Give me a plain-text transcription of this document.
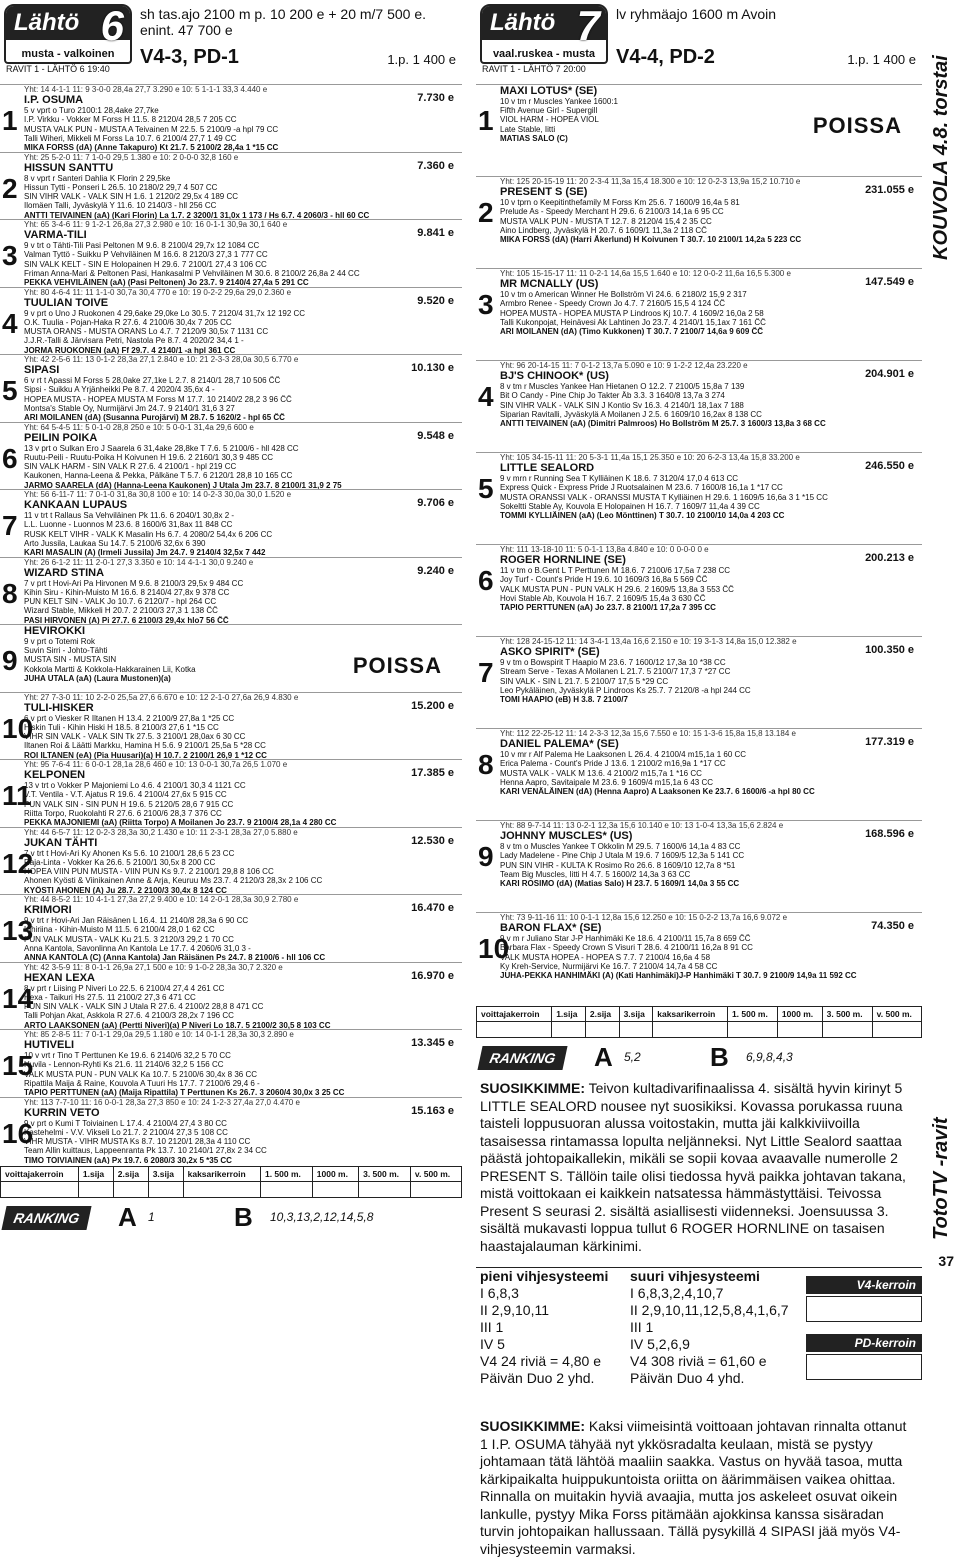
Lähtö 6
musta - valkoinen
RAVIT 1 - LÄHTÖ 6 19:40
sh tas.ajo 2100 m p. 10 200 e + 20 m/7 500 e.
enint. 47 700 e
V4-3, PD-1	1.p. 1 400 e
1
Yht: 14 4-1-1 11: 9 3-0-0 28,4a 27,7 3.290 e 10: 5 1-1-1 33,3 4.440 e
I.P. OSUMA	7.730 e
5 v vprt o Turo 2100:1 28,4ake 27,7ke
I.P. Virkku - Vokker M Forss H 11.5. 8 2120/4 28,5 7 205 CC
MUSTA VALK PUN - MUSTA A Teivainen M 22.5. 5 2100/9 -a hpl 79 CC
Talli Wiheri, Mikkeli M Forss La 10.7. 6 2100/4 27,7 1 49 CC
MIKA FORSS (dA) (Anne Takapuro) Kt 21.7. 5 2100/2 28,4a 1 *15 CC
2
Yht: 25 5-2-0 11: 7 1-0-0 29,5 1.380 e 10: 2 0-0-0 32,8 160 e
HISSUN SANTTU	7.360 e
8 v vprt r Santeri Dahlia K Florin 2 29,5ke
Hissun Tytti - Ponseri L 26.5. 10 2180/2 29,7 4 507 CC
SIN VIHR VALK - VALK SIN H 1.6. 1 2120/2 29,5x 4 189 CC
Ilomäen Talli, Jyväskylä Y 11.6. 10 2140/3 - hll 256 CC
ANTTI TEIVAINEN (aA) (Kari Florin) La 1.7. 2 3200/1 31,0x 1 173 / Hs 6.7. 4 2060/3 - hll 60 CC
3
Yht: 65 3-4-6 11: 9 1-2-1 26,8a 27,3 2.980 e 10: 16 0-1-1 30,9a 30,1 640 e
VARMA-TILI	9.841 e
9 v trt o Tähti-Tili Pasi Peltonen M 9.6. 8 2100/4 29,7x 12 1084 CC
Valman Tyttö - Suikku P Vehviläinen M 16.6. 8 2120/3 27,3 1 777 CC
SIN VALK KELT - SIN E Holopainen H 29.6. 7 2100/1 27,4 3 106 CC
Friman Anna-Mari & Peltonen Pasi, Hankasalmi P Vehviläinen M 30.6. 8 2100/2 26,8a 2 44 CC
PEKKA VEHVILÄINEN (aA) (Pasi Peltonen) Jo 23.7. 9 2140/4 27,4a 5 291 CC
4
Yht: 80 4-6-4 11: 11 1-1-0 30,7a 30,4 770 e 10: 19 0-2-2 29,6a 29,0 2.360 e
TUULIAN TOIVE	9.520 e
9 v prt o Uno J Ruokonen 4 29,6ake 29,0ke Lo 30.5. 7 2120/4 31,7x 12 192 CC
O.K. Tuulia - Pojan-Haka R 27.6. 4 2100/6 30,4x 7 205 CC
MUSTA ORANS - MUSTA ORANS Lo 4.7. 7 2120/9 30,5x 7 1131 CC
J.J.R.-Talli & Järvisara Petri, Nastola Pe 8.7. 4 2020/2 34,4 1 -
JORMA RUOKONEN (aA) Ff 29.7. 4 2140/1 -a hpl 361 CC
5
Yht: 42 2-5-6 11: 13 0-1-2 28,3a 27,1 2.840 e 10: 21 2-3-3 28,0a 30,5 6.770 e
SIPASI	10.130 e
6 v rt t Apassi M Forss 5 28,0ake 27,1ke L 2.7. 8 2140/1 28,7 10 506 ĈĈ
Sipsi - Suikku A Yrjänheikki Pe 8.7. 4 2020/4 35,6x 4 -
HOPEA MUSTA - HOPEA MUSTA M Forss M 17.7. 10 2140/2 28,2 3 96 ĈĈ
Montsa's Stable Oy, Nurmijärvi Jm 24.7. 9 2140/1 31,6 3 27
ARI MOILANEN (dA) (Susanna Purojärvi) M 28.7. 5 1620/2 - hpl 65 ĈĈ
6
Yht: 64 5-4-5 11: 5 0-1-0 28,8 250 e 10: 5 0-0-1 31,4a 29,6 600 e
PEILIN POIKA	9.548 e
13 v prt o Sulkan Ero J Saarela 6 31,4ake 28,8ke T 7.6. 5 2100/6 - hll 428 CC
Ruutu-Peili - Ruutu-Poika H Koivunen H 19.6. 2 2160/1 30,3 9 485 CC
SIN VALK HARM - SIN VALK R 27.6. 4 2100/1 - hpl 219 CC
Kaukonen, Hanna-Leena & Pekka, Pälkäne T 5.7. 6 2120/1 28,8 10 165 CC
JARMO SAARELA (dA) (Hanna-Leena Kaukonen) J Utala Jm 23.7. 8 2100/1 31,9 2 75
7
Yht: 56 6-11-7 11: 7 0-1-0 31,8a 30,8 100 e 10: 14 0-2-3 30,0a 30,0 1.520 e
KANKAAN LUPAUS	9.706 e
11 v trt t Rallaus Sa Vehviläinen Pk 11.6. 6 2040/1 30,8x 2 -
L.L. Luonne - Luonnos M 23.6. 8 1600/6 31,8ax 11 848 CC
RUSK KELT VIHR - VALK K Masalin Hs 6.7. 4 2080/2 54,4x 6 206 CC
Arto Jussila, Laukaa Su 14.7. 5 2100/6 32,6x 6 390
KARI MASALIN (A) (Irmeli Jussila) Jm 24.7. 9 2140/4 32,5x 7 442
8
Yht: 26 6-1-2 11: 11 2-0-1 27,3 3.350 e 10: 14 4-1-1 30,0 9.240 e
WIZARD STINA	9.240 e
7 v prt t Hovi-Ari Pa Hirvonen M 9.6. 8 2100/3 29,5x 9 484 CC
Kihin Siru - Kihin-Muisto M 16.6. 8 2140/4 27,8x 9 378 CC
PUN KELT SIN - VALK Jo 10.7. 6 2120/7 - hpl 264 CC
Wizard Stable, Mikkeli H 20.7. 2 2100/3 27,3 1 138 ĈĈ
PASI HIRVONEN (A) Pi 27.7. 6 2100/3 29,4x hlo7 56 ĈĈ
9
HEVIROKKI
9 v prt o Totemi Rok
Suvin Sirri - Johto-Tähti
MUSTA SIN - MUSTA SIN
Kokkola Martti & Kokkola-Hakkarainen Lii, Kotka
JUHA UTALA (aA) (Laura Mustonen)(a)
POISSA
10
Yht: 27 7-3-0 11: 10 2-2-0 25,5a 27,6 6.670 e 10: 12 2-1-0 27,6a 26,9 4.830 e
TULI-HISKER	15.200 e
6 v prt o Viesker R Iltanen H 13.4. 2 2100/9 27,8a 1 *25 CC
Hiskin Tuli - Kihin Hiski H 18.5. 8 2100/3 27,6 1 *15 CC
VIHR SIN VALK - VALK SIN Tk 27.5. 3 2100/1 28,0ax 6 30 CC
Iltanen Roi & Läätti Markku, Hamina H 5.6. 9 2100/1 25,5a 5 *28 CC
ROI ILTANEN (eA) (Pia Huusari)(a) H 10.7. 2 2100/1 26,9 1 *12 CC
11
Yht: 95 7-6-4 11: 6 0-0-1 28,1a 28,6 460 e 10: 13 0-0-1 30,7a 26,5 1.070 e
KELPONEN	17.385 e
13 v trt o Vokker P Majoniemi Lo 4.6. 4 2100/1 30,3 4 1121 CC
V.T. Ventila - V.T. Ajatus R 19.6. 4 2100/4 27,6x 5 915 CC
PUN VALK SIN - SIN PUN H 19.6. 5 2120/5 28,6 7 915 CC
Riitta Torpo, Ruokolahti R 27.6. 6 2100/6 28,3 7 376 CC
PEKKA MAJONIEMI (aA) (Riitta Torpo) A Moilanen Jo 23.7. 9 2100/4 28,1a 4 280 CC
12
Yht: 44 6-5-7 11: 12 0-2-3 28,3a 30,2 1.430 e 10: 11 2-3-1 28,3a 27,0 5.880 e
JUKAN TÄHTI	12.530 e
7 v trt t Hovi-Ari Ky Ahonen Ks 5.6. 10 2100/1 28,6 5 23 CC
Raja-Linta - Vokker Ka 26.6. 5 2100/1 30,5x 8 200 CC
HOPEA VIIN PUN MUSTA - VIIN PUN Ks 9.7. 2 2100/1 29,8 8 106 CC
Ahonen Kyösti & Viinikainen Anne & Arja, Keuruu Ms 23.7. 4 2120/3 28,3x 2 106 CC
KYÖSTI AHONEN (A) Ju 28.7. 2 2100/3 30,4x 8 124 CC
13
Yht: 44 8-5-2 11: 10 4-1-1 27,3a 27,2 9.400 e 10: 14 2-0-1 28,3a 30,9 2.780 e
KRIMORI	16.470 e
9 v trt r Hovi-Ari Jan Räisänen L 16.4. 11 2140/8 28,3a 6 90 CC
Kihiriina - Kihin-Muisto M 11.5. 6 2100/4 28,0 1 62 CC
PUN VALK MUSTA - VALK Ku 21.5. 3 2120/3 29,2 1 70 CC
Anna Kantola, Savonlinna An Kantola Le 17.7. 4 2060/6 31,0 3 -
ANNA KANTOLA (C) (Anna Kantola) Jan Räisänen Ps 24.7. 8 2100/6 - hll 106 CC
14
Yht: 42 3-5-9 11: 8 0-1-1 26,9a 27,1 500 e 10: 9 1-0-2 28,3a 30,7 2.320 e
HEXAN LEXA	16.970 e
8 v prt r Liising P Niveri Lo 22.5. 6 2100/4 27,4 4 261 CC
Hexa - Taikuri Hs 27.5. 11 2100/2 27,3 6 471 CC
PUN SIN VALK - VALK SIN J Utala R 27.6. 4 2100/2 28,8 8 471 CC
Talli Pohjan Akat, Askkola R 27.6. 4 2100/3 28,2x 7 196 CC
ARTO LAAKSONEN (aA) (Pertti Niveri)(a) P Niveri Lo 18.7. 5 2100/2 30,5 8 103 CC
15
Yht: 85 2-8-5 11: 7 0-1-1 29,0a 29,5 1.180 e 10: 14 0-1-1 28,3a 30,3 2.890 e
HUTIVELI	13.345 e
10 v vrt r Tino T Perttunen Ke 19.6. 6 2140/6 32,2 5 70 CC
Huvila - Lennon-Ryhti Ks 21.6. 11 2140/6 32,2 5 156 CC
VALK MUSTA PUN - PUN VALK Ka 10.7. 5 2100/6 30,4x 8 36 CC
Ripattila Maija & Raine, Kouvola A Tuuri Hs 17.7. 7 2100/6 29,4 6 -
TAPIO PERTTUNEN (aA) (Maija Ripattila) T Perttunen Ks 26.7. 3 2060/4 30,0x 3 25 CC
16
Yht: 113 7-7-10 11: 16 0-0-1 28,3a 27,3 850 e 10: 24 1-2-3 27,4a 27,0 4.470 e
KURRIN VETO	15.163 e
9 v prt o Kumi T Toiviainen L 17.4. 4 2100/4 27,4 3 80 CC
Kastehelmi - V.V. Vikseli Lo 21.7. 2 2100/4 27,3 5 108 CC
VIHR MUSTA - VIHR MUSTA Ks 8.7. 10 2120/1 28,3a 4 110 CC
Team Allin kuittaus, Lappeenranta Pk 13.7. 10 2140/1 27,8x 2 34 CC
TIMO TOIVIAINEN (aA) Px 19.7. 6 2080/3 30,2x 5 *35 CC
voittajakerroin	1.sija	2.sija	3.sija	kaksarikerroin	1. 500 m.	1000 m.	3. 500 m.	v. 500 m.

RANKING	A 1	B 10,3,13,2,12,14,5,8
Lähtö 7
vaal.ruskea - musta
RAVIT 1 - LÄHTÖ 7 20:00
lv ryhmäajo 1600 m Avoin
V4-4, PD-2	1.p. 1 400 e
1
MAXI LOTUS* (SE)
10 v tm r Muscles Yankee 1600:1
Fifth Avenue Girl - Supergill
VIOL HARM - HOPEA VIOL
Late Stable, Iitti
MATIAS SALO (C)
POISSA
2
Yht: 125 20-15-19 11: 20 2-3-4 11,3a 15,4 18.300 e 10: 12 0-2-3 13,9a 15,2 10.710 e
PRESENT S (SE)	231.055 e
10 v tprn o Keepitinthefamily M Forss Km 25.6. 7 1600/9 16,4a 5 81
Prelude As - Speedy Merchant H 29.6. 6 2100/3 14,1a 6 95 CC
MUSTA VALK PUN - MUSTA T 12.7. 8 2120/4 15,4 2 35 CC
Aino Lindberg, Jyväskylä H 20.7. 6 1609/1 11,3a 2 118 CĈ
MIKA FORSS (dA) (Harri Åkerlund) H Koivunen T 30.7. 10 2100/1 14,2a 5 223 CC
3
Yht: 105 15-15-17 11: 11 0-2-1 14,6a 15,5 1.640 e 10: 12 0-0-2 11,6a 16,5 5.300 e
MR MCNALLY (US)	147.549 e
10 v tm o American Winner He Bollström Vi 24.6. 6 2180/2 15,9 2 317
Armbro Renee - Speedy Crown Jo 4.7. 7 2160/5 15,5 4 124 ĈĈ
HOPEA MUSTA - HOPEA MUSTA P Lindroos Kj 10.7. 4 1609/2 16,0a 2 58
Talli Kukonpojat, Heinävesi Ak Lahtinen Jo 23.7. 4 2140/1 15,1ax 7 161 ĈĈ
ARI MOILANEN (dA) (Timo Kukkonen) T 30.7. 7 2100/7 14,6a 9 609 ĈĈ
4
Yht: 96 20-14-15 11: 7 0-1-2 13,7a 5.090 e 10: 9 1-2-2 12,4a 23.220 e
BJ'S CHINOOK* (US)	204.901 e
8 v tm r Muscles Yankee Han Hietanen O 12.2. 7 2100/5 15,8a 7 139
Bit O Candy - Pine Chip Jo Takter Åb 3.3. 3 1640/8 13,7a 3 274
SIN VIHR VALK - VALK SIN J Kontio Sv 16.3. 4 2140/1 18,1ax 7 188
Siparian Ravitalli, Jyväskylä A Moilanen J 2.5. 6 1609/10 16,2ax 8 138 CC
ANTTI TEIVAINEN (aA) (Dimitri Palmroos) Ho Bollström M 25.7. 3 1600/3 13,8a 3 68 CC
5
Yht: 105 34-15-11 11: 20 5-3-1 11,4a 15,1 25.350 e 10: 20 6-2-3 13,4a 15,8 33.200 e
LITTLE SEALORD	246.550 e
9 v mrn r Running Sea T Kylliäinen K 18.6. 7 3120/4 17,0 4 613 CC
Express Quick - Express Pride J Ruotsalainen M 23.6. 7 1600/8 16,1a 1 *17 CC
MUSTA ORANSSI VALK - ORANSSI MUSTA T Kylliäinen H 29.6. 1 1609/5 16,6a 3 1 *15 CC
Sokeltti Stable Ay, Kouvola E Holopainen H 16.7. 7 1609/7 11,4a 4 39 CC
TOMMI KYLLIÄINEN (aA) (Leo Mönttinen) T 30.7. 10 2100/10 14,0a 4 203 CC
6
Yht: 111 13-18-10 11: 5 0-1-1 13,8a 4.840 e 10: 0 0-0-0 0 e
ROGER HORNLINE (SE)	200.213 e
11 v tm o B.Gent L T Perttunen M 18.6. 7 2100/6 17,5a 7 238 CC
Joy Turf - Count's Pride H 19.6. 10 1609/3 16,8a 5 569 ĈĈ
VALK MUSTA PUN - PUN VALK H 29.6. 2 1609/5 13,8a 3 553 ĈĈ
Hovi Stable Ab, Kouvola H 16.7. 2 1609/5 15,4a 3 630 ĈĈ
TAPIO PERTTUNEN (aA) Jo 23.7. 8 2100/1 17,2a 7 395 CC
7
Yht: 128 24-15-12 11: 14 3-4-1 13,4a 16,6 2.150 e 10: 19 3-1-3 14,8a 15,0 12.382 e
ASKO SPIRIT* (SE)	100.350 e
9 v tm o Bowspirit T Haapio M 23.6. 7 1600/12 17,3a 10 *38 CC
Stream Serve - Texas A Moilanen L 21.7. 5 2100/7 17,3 7 *27 CC
SIN VALK - SIN L 21.7. 5 2100/7 17,5 5 *29 CC
Leo Pykäläinen, Jyväskylä P Lindroos Ks 25.7. 7 2120/8 -a hpl 244 CC
TOMI HAAPIO (eB) H 3.8. 7 2100/7
8
Yht: 112 22-25-12 11: 14 2-3-3 12,3a 15,6 7.550 e 10: 15 1-3-6 15,8a 15,8 13.184 e
DANIEL PALEMA* (SE)	177.319 e
10 v mr r Alf Palema He Laaksonen L 26.4. 4 2100/4 m15,1a 1 60 CC
Erica Palema - Count's Pride J 13.6. 1 2100/2 m16,9a 1 *17 CC
MUSTA VALK - VALK M 13.6. 4 2100/2 m15,7a 1 *16 CC
Henna Aapro, Savitaipale M 23.6. 9 1609/4 m15,1a 6 43 CC
KARI VENÄLÄINEN (dA) (Henna Aapro) A Laaksonen Ke 23.7. 6 1600/6 -a hpl 80 CC
9
Yht: 88 9-7-14 11: 13 0-2-1 12,3a 15,6 10.140 e 10: 13 1-0-4 13,3a 15,6 2.824 e
JOHNNY MUSCLES* (US)	168.596 e
8 v tm o Muscles Yankee T Okkolin M 29.5. 7 1600/6 14,1a 4 83 CC
Lady Madelene - Pine Chip J Utala M 19.6. 7 1609/5 12,3a 5 141 CC
PUN SIN VIHR - KULTA K Rosimo Ro 26.6. 8 1609/10 12,7a 8 *51
Team Big Muscles, Iitti H 4.7. 5 1600/2 14,3a 3 63 CC
KARI ROSIMO (dA) (Matias Salo) H 23.7. 5 1609/1 14,0a 3 55 CC
10
Yht: 73 9-11-16 11: 10 0-1-1 12,8a 15,6 12.250 e 10: 15 0-2-2 13,7a 16,6 9.072 e
BARON FLAX* (SE)	74.350 e
9 v m r Juliano Star J-P Hanhimäki Ke 18.6. 4 2100/11 15,7a 8 659 ĈĈ
Barbara Flax - Speedy Crown S Visuri T 28.6. 4 2100/11 16,2a 8 91 CC
VALK MUSTA HOPEA - HOPEA S 7.7. 7 2100/4 16,6a 4 58
Ky Kreh-Service, Nurmijärvi Ke 16.7. 7 2100/4 14,7a 4 58 CC
JUHA-PEKKA HANHIMÄKI (A) (Kati Hanhimäki)J-P Hanhimäki T 30.7. 9 2100/9 14,9a 11 592 CC
voittajakerroin	1.sija	2.sija	3.sija	kaksarikerroin	1. 500 m.	1000 m.	3. 500 m.	v. 500 m.

RANKING	A 5,2	B 6,9,8,4,3
SUOSIKKIMME: Teivon kultadivarifinaalissa 4. sisältä hyvin kirinyt 5 LITTLE SEALORD nousee nyt suosikiksi. Kovassa porukassa ruuna taisteli loppusuoran alussa voitostakin, mutta jäi kalkkiviivoilla tasaisessa rintamassa lopulta neljänneksi. Nyt Little Sealord saattaa päästä johtopaikallekin, mikäli se sopii kovaa avaavalle numerolle 2 PRESENT S. Tällöin taile olisi tiedossa hyvä paikka johtavan takana, mistä voittokaan ei kaikkein natsatessa hämmästyttäisi. Teivossa Present S seurasi 2. sisältä asiallisesti viidenneksi. Joensuussa 3. sisältä mukavasti loppua tullut 6 ROGER HORNLINE on tasaisen haastajalauman kärkinimi.
pieni vihjesysteemi
I 6,8,3
II 2,9,10,11
III 1
IV 5
V4 24 riviä = 4,80 e
Päivän Duo 2 yhd.
suuri vihjesysteemi
I 6,8,3,2,4,10,7
II 2,9,10,11,12,5,8,4,1,6,7
III 1
IV 5,2,6,9
V4 308 riviä = 61,60 e
Päivän Duo 4 yhd.
V4-kerroin
PD-kerroin
SUOSIKKIMME: Kaksi viimeisintä voittoaan johtavan rinnalta ottanut 1 I.P. OSUMA tähyää nyt ykkösradalta keulaan, mistä se pystyy johtamaan tätä lähtöä maaliin saakka. Vastus on hyvää tasoa, mutta kärkipaikalta huippukuntoista oriitta on äärimmäisen vaikea ohittaa. Rinnalla on muitakin hyviä avaajia, mutta jos askeleet osuvat oikein lankulle, pystyy Mika Forss pitämään ajokkinsa kanssa sisäradan turvin johtopaikan hallussaan. Tällä pysykillä 4 SIPASI jää myös V4-vihjesysteemin varmaksi.
KOUVOLA 4.8. torstai
TotoTV -ravit
37
